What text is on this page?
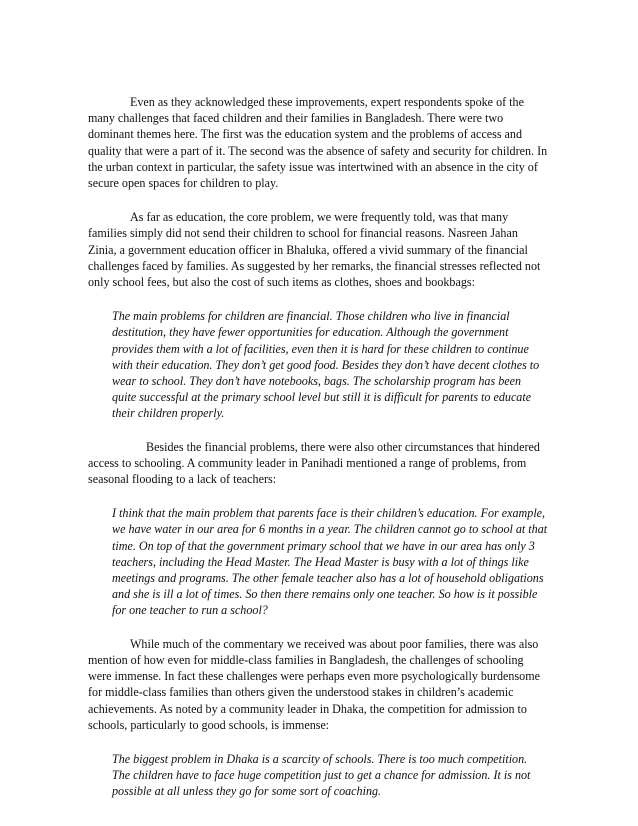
Even as they acknowledged these improvements, expert respondents spoke of the many challenges that faced children and their families in Bangladesh. There were two dominant themes here. The first was the education system and the problems of access and quality that were a part of it. The second was the absence of safety and security for children. In the urban context in particular, the safety issue was intertwined with an absence in the city of secure open spaces for children to play.

As far as education, the core problem, we were frequently told, was that many families simply did not send their children to school for financial reasons. Nasreen Jahan Zinia, a government education officer in Bhaluka, offered a vivid summary of the financial challenges faced by families. As suggested by her remarks, the financial stresses reflected not only school fees, but also the cost of such items as clothes, shoes and bookbags:

The main problems for children are financial. Those children who live in financial destitution, they have fewer opportunities for education. Although the government provides them with a lot of facilities, even then it is hard for these children to continue with their education. They don’t get good food. Besides they don’t have decent clothes to wear to school. They don’t have notebooks, bags. The scholarship program has been quite successful at the primary school level but still it is difficult for parents to educate their children properly.

Besides the financial problems, there were also other circumstances that hindered access to schooling. A community leader in Panihadi mentioned a range of problems, from seasonal flooding to a lack of teachers:

I think that the main problem that parents face is their children’s education. For example, we have water in our area for 6 months in a year. The children cannot go to school at that time. On top of that the government primary school that we have in our area has only 3 teachers, including the Head Master. The Head Master is busy with a lot of things like meetings and programs. The other female teacher also has a lot of household obligations and she is ill a lot of times. So then there remains only one teacher. So how is it possible for one teacher to run a school?

While much of the commentary we received was about poor families, there was also mention of how even for middle-class families in Bangladesh, the challenges of schooling were immense. In fact these challenges were perhaps even more psychologically burdensome for middle-class families than others given the understood stakes in children’s academic achievements. As noted by a community leader in Dhaka, the competition for admission to schools, particularly to good schools, is immense:

The biggest problem in Dhaka is a scarcity of schools. There is too much competition. The children have to face huge competition just to get a chance for admission. It is not possible at all unless they go for some sort of coaching.
